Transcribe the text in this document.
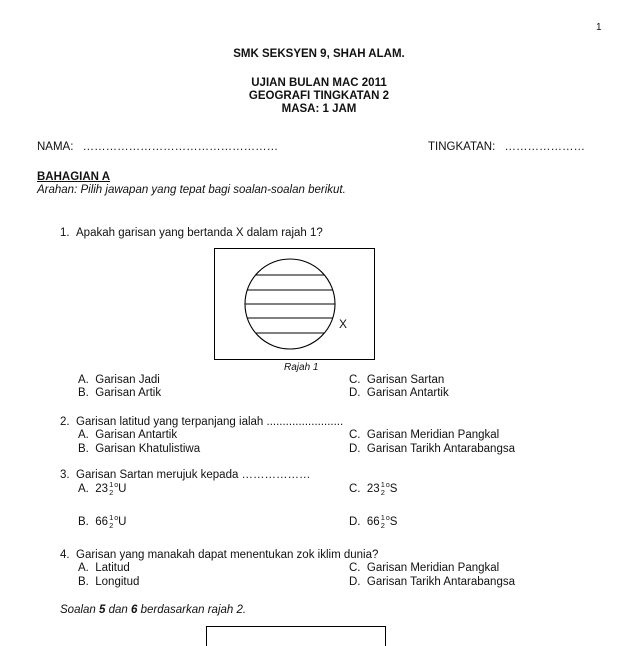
1
SMK SEKSYEN 9, SHAH ALAM.
UJIAN BULAN MAC 2011
GEOGRAFI TINGKATAN 2
MASA: 1 JAM
NAMA: ……………………………………………	TINGKATAN: …………………
BAHAGIAN A
Arahan: Pilih jawapan yang tepat bagi soalan-soalan berikut.
1. Apakah garisan yang bertanda X dalam rajah 1?
X
Rajah 1
A.  Garisan Jadi
B.  Garisan Artik
C.  Garisan Sartan
D.  Garisan Antartik
2. Garisan latitud yang terpanjang ialah ........................
A.  Garisan Antartik
B.  Garisan Khatulistiwa
C.  Garisan Meridian Pangkal
D.  Garisan Tarikh Antarabangsa
3. Garisan Sartan merujuk kepada ………………
A.  23 1
2
$^o$U
B.  66 1
2
$^o$U
C.  23 1
2
$^o$S
D.  66 1
2
$^o$S
4. Garisan yang manakah dapat menentukan zok iklim dunia?
A.  Latitud
B.  Longitud
C.  Garisan Meridian Pangkal
D.  Garisan Tarikh Antarabangsa
Soalan 5 dan 6 berdasarkan rajah 2.
